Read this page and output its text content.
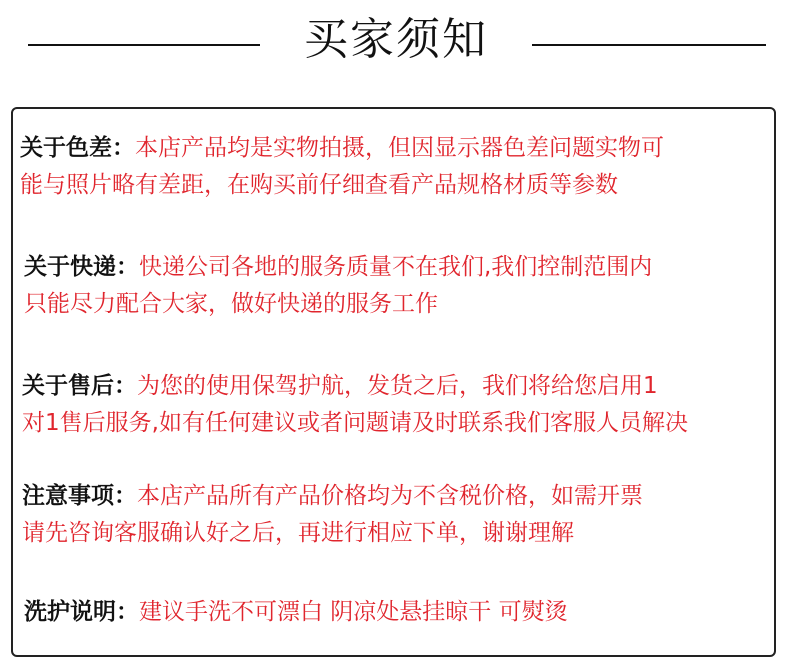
买家须知
关于色差：本店产品均是实物拍摄，但因显示器色差问题实物可
能与照片略有差距，在购买前仔细查看产品规格材质等参数
关于快递：快递公司各地的服务质量不在我们,我们控制范围内
只能尽力配合大家，做好快递的服务工作
关于售后：为您的使用保驾护航，发货之后，我们将给您启用1
对1售后服务,如有任何建议或者问题请及时联系我们客服人员解决
注意事项：本店产品所有产品价格均为不含税价格，如需开票
请先咨询客服确认好之后，再进行相应下单，谢谢理解
洗护说明：建议手洗不可漂白 阴凉处悬挂晾干 可熨烫
